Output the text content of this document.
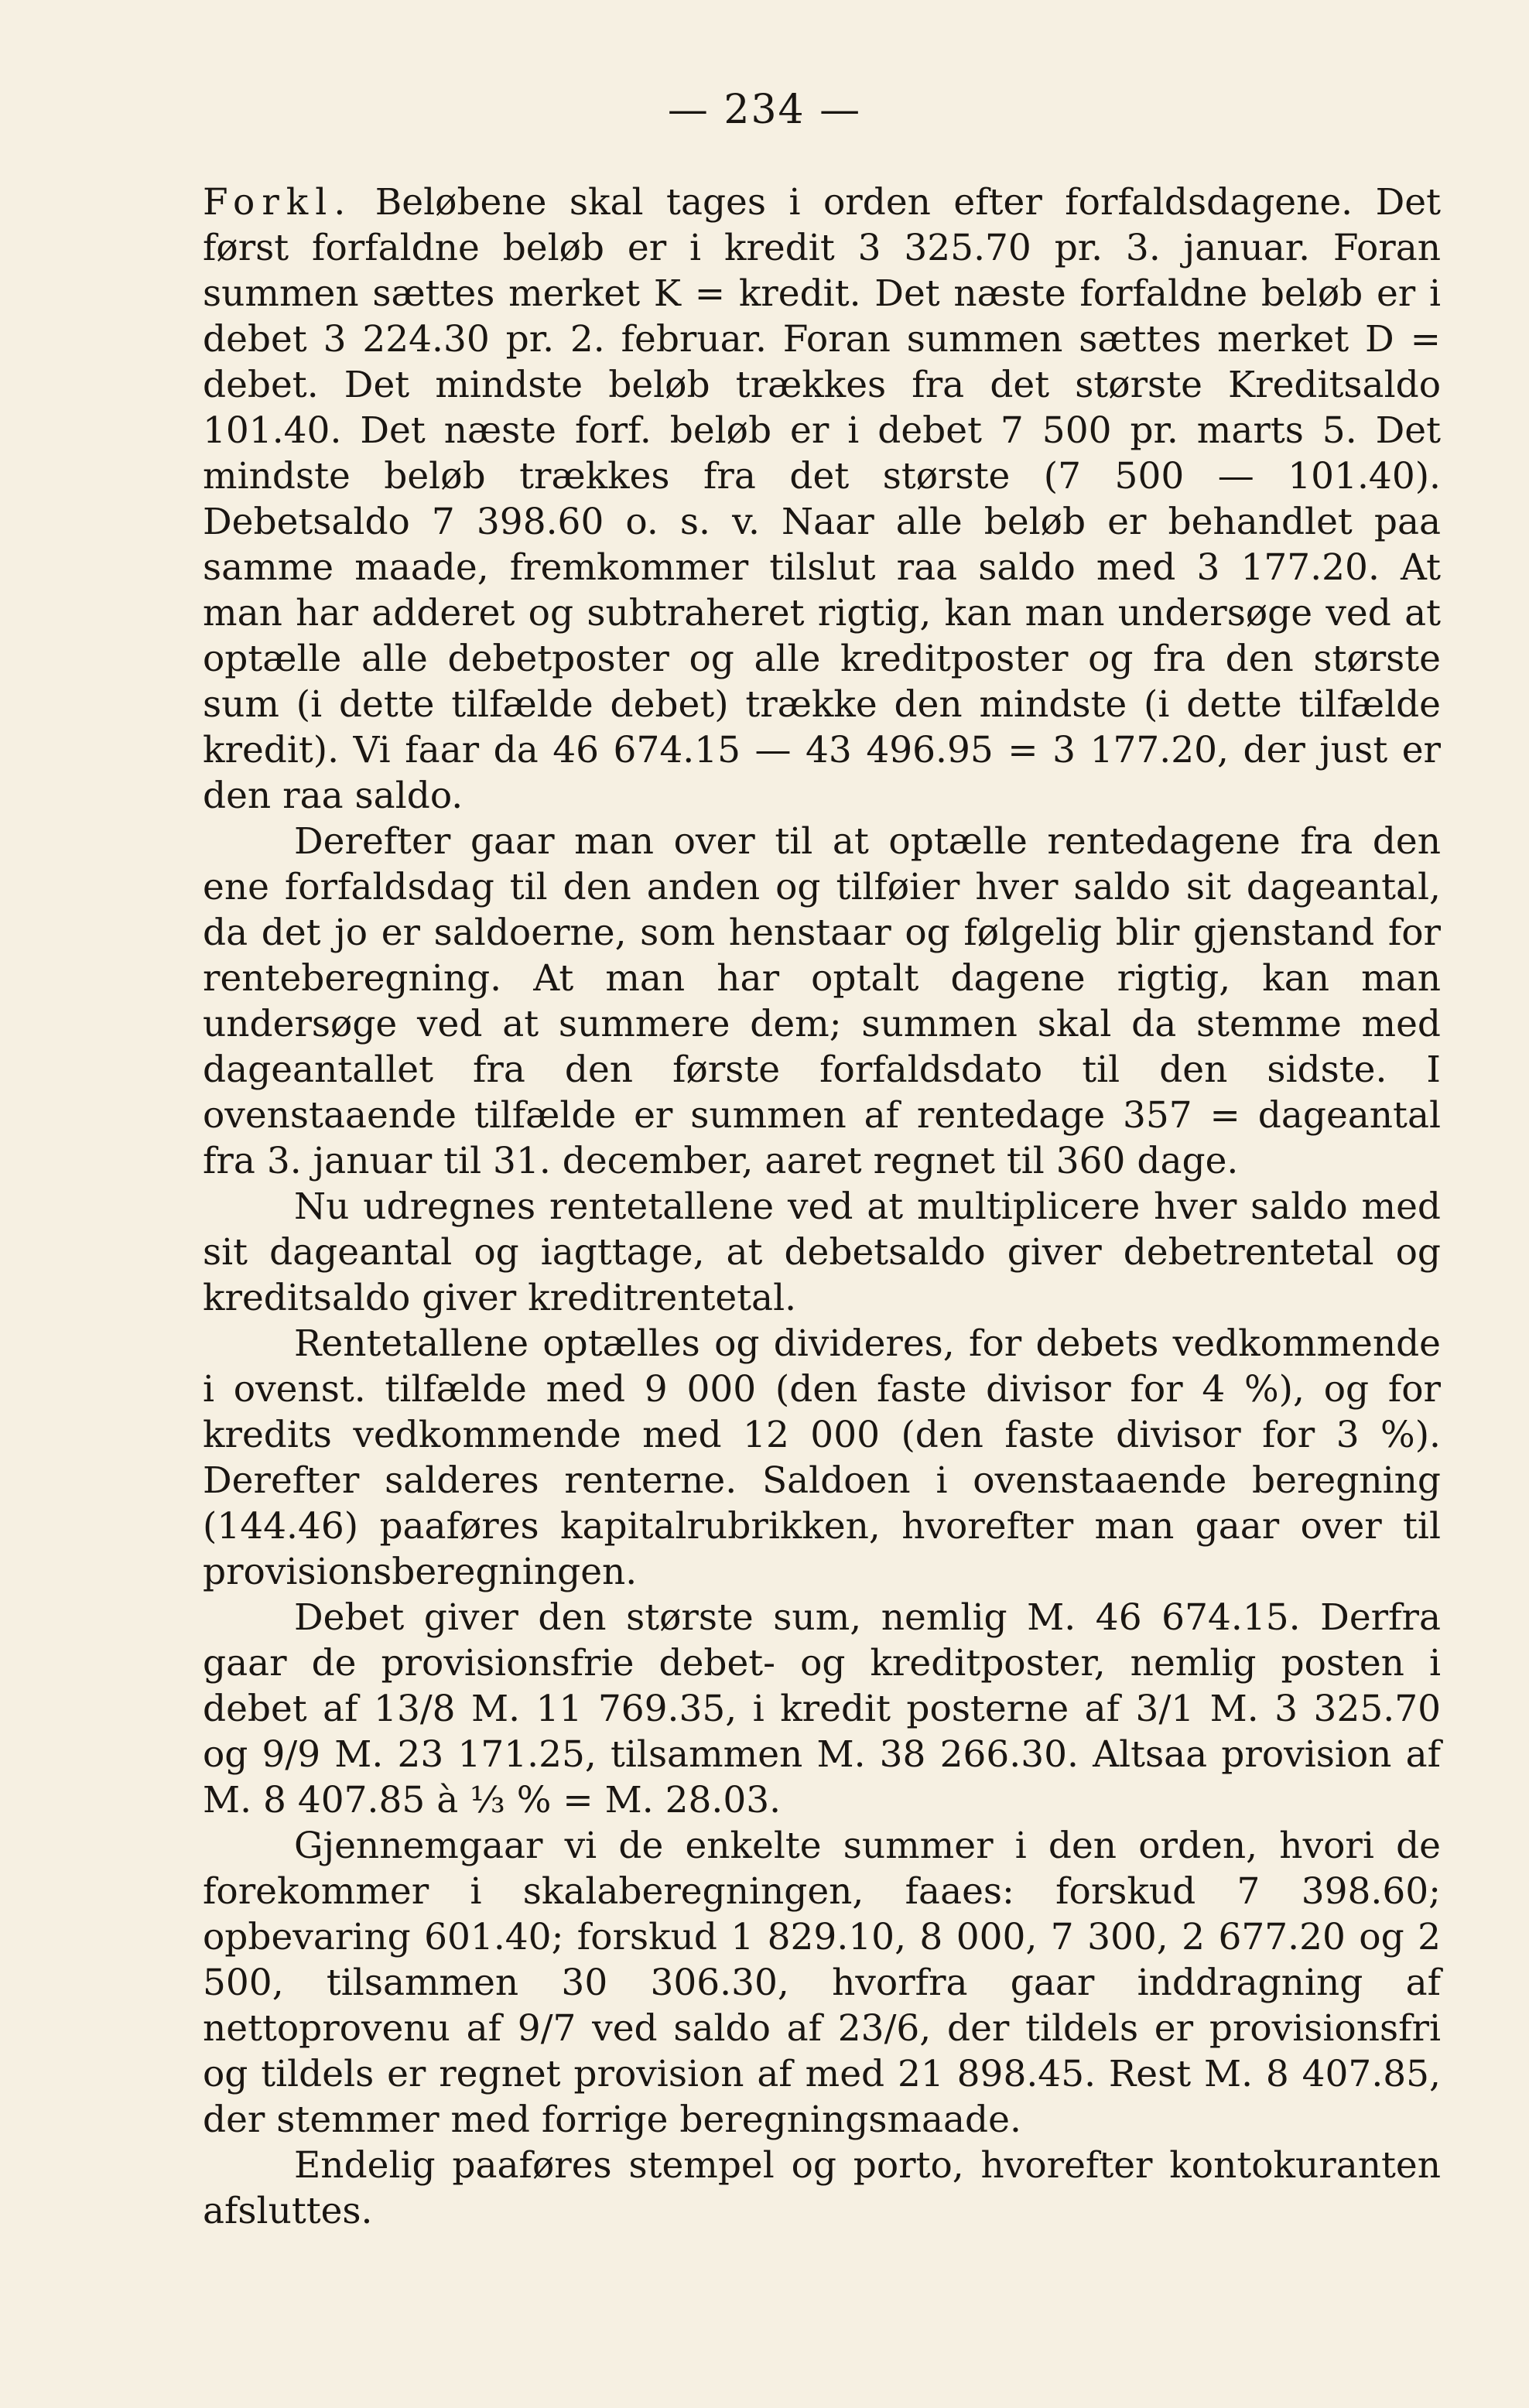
— 234 —

Forkl. Beløbene skal tages i orden efter forfaldsdagene. Det først forfaldne beløb er i kredit 3 325.70 pr. 3. januar. Foran summen sættes merket K = kredit. Det næste forfaldne beløb er i debet 3 224.30 pr. 2. februar. Foran summen sættes merket D = debet. Det mindste beløb trækkes fra det største Kreditsaldo 101.40. Det næste forf. beløb er i debet 7 500 pr. marts 5. Det mindste beløb trækkes fra det største (7 500 — 101.40). Debetsaldo 7 398.60 o. s. v. Naar alle beløb er behandlet paa samme maade, fremkommer tilslut raa saldo med 3 177.20. At man har adderet og subtraheret rigtig, kan man undersøge ved at optælle alle debetposter og alle kreditposter og fra den største sum (i dette tilfælde debet) trække den mindste (i dette tilfælde kredit). Vi faar da 46 674.15 — 43 496.95 = 3 177.20, der just er den raa saldo.

Derefter gaar man over til at optælle rentedagene fra den ene forfaldsdag til den anden og tilføier hver saldo sit dageantal, da det jo er saldoerne, som henstaar og følgelig blir gjenstand for renteberegning. At man har optalt dagene rigtig, kan man undersøge ved at summere dem; summen skal da stemme med dageantallet fra den første forfaldsdato til den sidste. I ovenstaaende tilfælde er summen af rentedage 357 = dageantal fra 3. januar til 31. december, aaret regnet til 360 dage.

Nu udregnes rentetallene ved at multiplicere hver saldo med sit dageantal og iagttage, at debetsaldo giver debetrentetal og kreditsaldo giver kreditrentetal.

Rentetallene optælles og divideres, for debets vedkommende i ovenst. tilfælde med 9 000 (den faste divisor for 4 %), og for kredits vedkommende med 12 000 (den faste divisor for 3 %). Derefter salderes renterne. Saldoen i ovenstaaende beregning (144.46) paaføres kapitalrubrikken, hvorefter man gaar over til provisionsberegningen.

Debet giver den største sum, nemlig M. 46 674.15. Derfra gaar de provisionsfrie debet- og kreditposter, nemlig posten i debet af 13/8 M. 11 769.35, i kredit posterne af 3/1 M. 3 325.70 og 9/9 M. 23 171.25, tilsammen M. 38 266.30. Altsaa provision af M. 8 407.85 à ⅓ % = M. 28.03.

Gjennemgaar vi de enkelte summer i den orden, hvori de forekommer i skalaberegningen, faaes: forskud 7 398.60; opbevaring 601.40; forskud 1 829.10, 8 000, 7 300, 2 677.20 og 2 500, tilsammen 30 306.30, hvorfra gaar inddragning af nettoprovenu af 9/7 ved saldo af 23/6, der tildels er provisionsfri og tildels er regnet provision af med 21 898.45. Rest M. 8 407.85, der stemmer med forrige beregningsmaade.

Endelig paaføres stempel og porto, hvorefter kontokuranten afsluttes.
